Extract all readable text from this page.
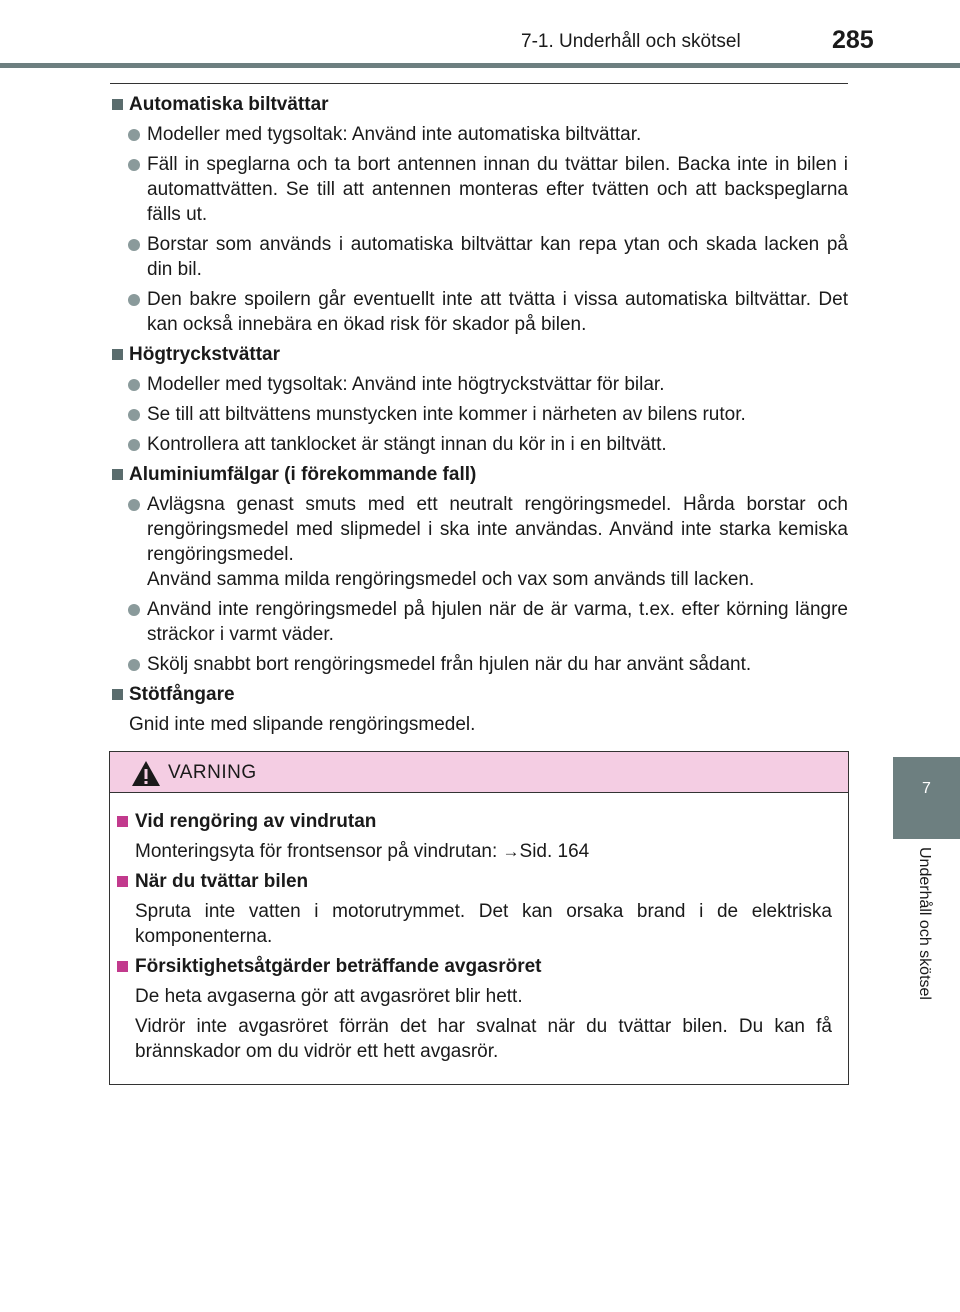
7-1. Underhåll och skötsel	285
7
Underhåll och skötsel
Automatiska biltvättar
Modeller med tygsoltak: Använd inte automatiska biltvättar.
Fäll in speglarna och ta bort antennen innan du tvättar bilen. Backa inte in bilen i automattvätten. Se till att antennen monteras efter tvätten och att backspeglarna fälls ut.
Borstar som används i automatiska biltvättar kan repa ytan och skada lacken på din bil.
Den bakre spoilern går eventuellt inte att tvätta i vissa automatiska biltvättar. Det kan också innebära en ökad risk för skador på bilen.
Högtryckstvättar
Modeller med tygsoltak: Använd inte högtryckstvättar för bilar.
Se till att biltvättens munstycken inte kommer i närheten av bilens rutor.
Kontrollera att tanklocket är stängt innan du kör in i en biltvätt.
Aluminiumfälgar (i förekommande fall)
Avlägsna genast smuts med ett neutralt rengöringsmedel. Hårda borstar och rengöringsmedel med slipmedel i ska inte användas. Använd inte starka kemiska rengöringsmedel.
Använd samma milda rengöringsmedel och vax som används till lacken.
Använd inte rengöringsmedel på hjulen när de är varma, t.ex. efter körning längre sträckor i varmt väder.
Skölj snabbt bort rengöringsmedel från hjulen när du har använt sådant.
Stötfångare
Gnid inte med slipande rengöringsmedel.
VARNING
Vid rengöring av vindrutan
Monteringsyta för frontsensor på vindrutan: →Sid. 164
När du tvättar bilen
Spruta inte vatten i motorutrymmet. Det kan orsaka brand i de elektriska komponenterna.
Försiktighetsåtgärder beträffande avgasröret
De heta avgaserna gör att avgasröret blir hett.
Vidrör inte avgasröret förrän det har svalnat när du tvättar bilen. Du kan få brännskador om du vidrör ett hett avgasrör.
